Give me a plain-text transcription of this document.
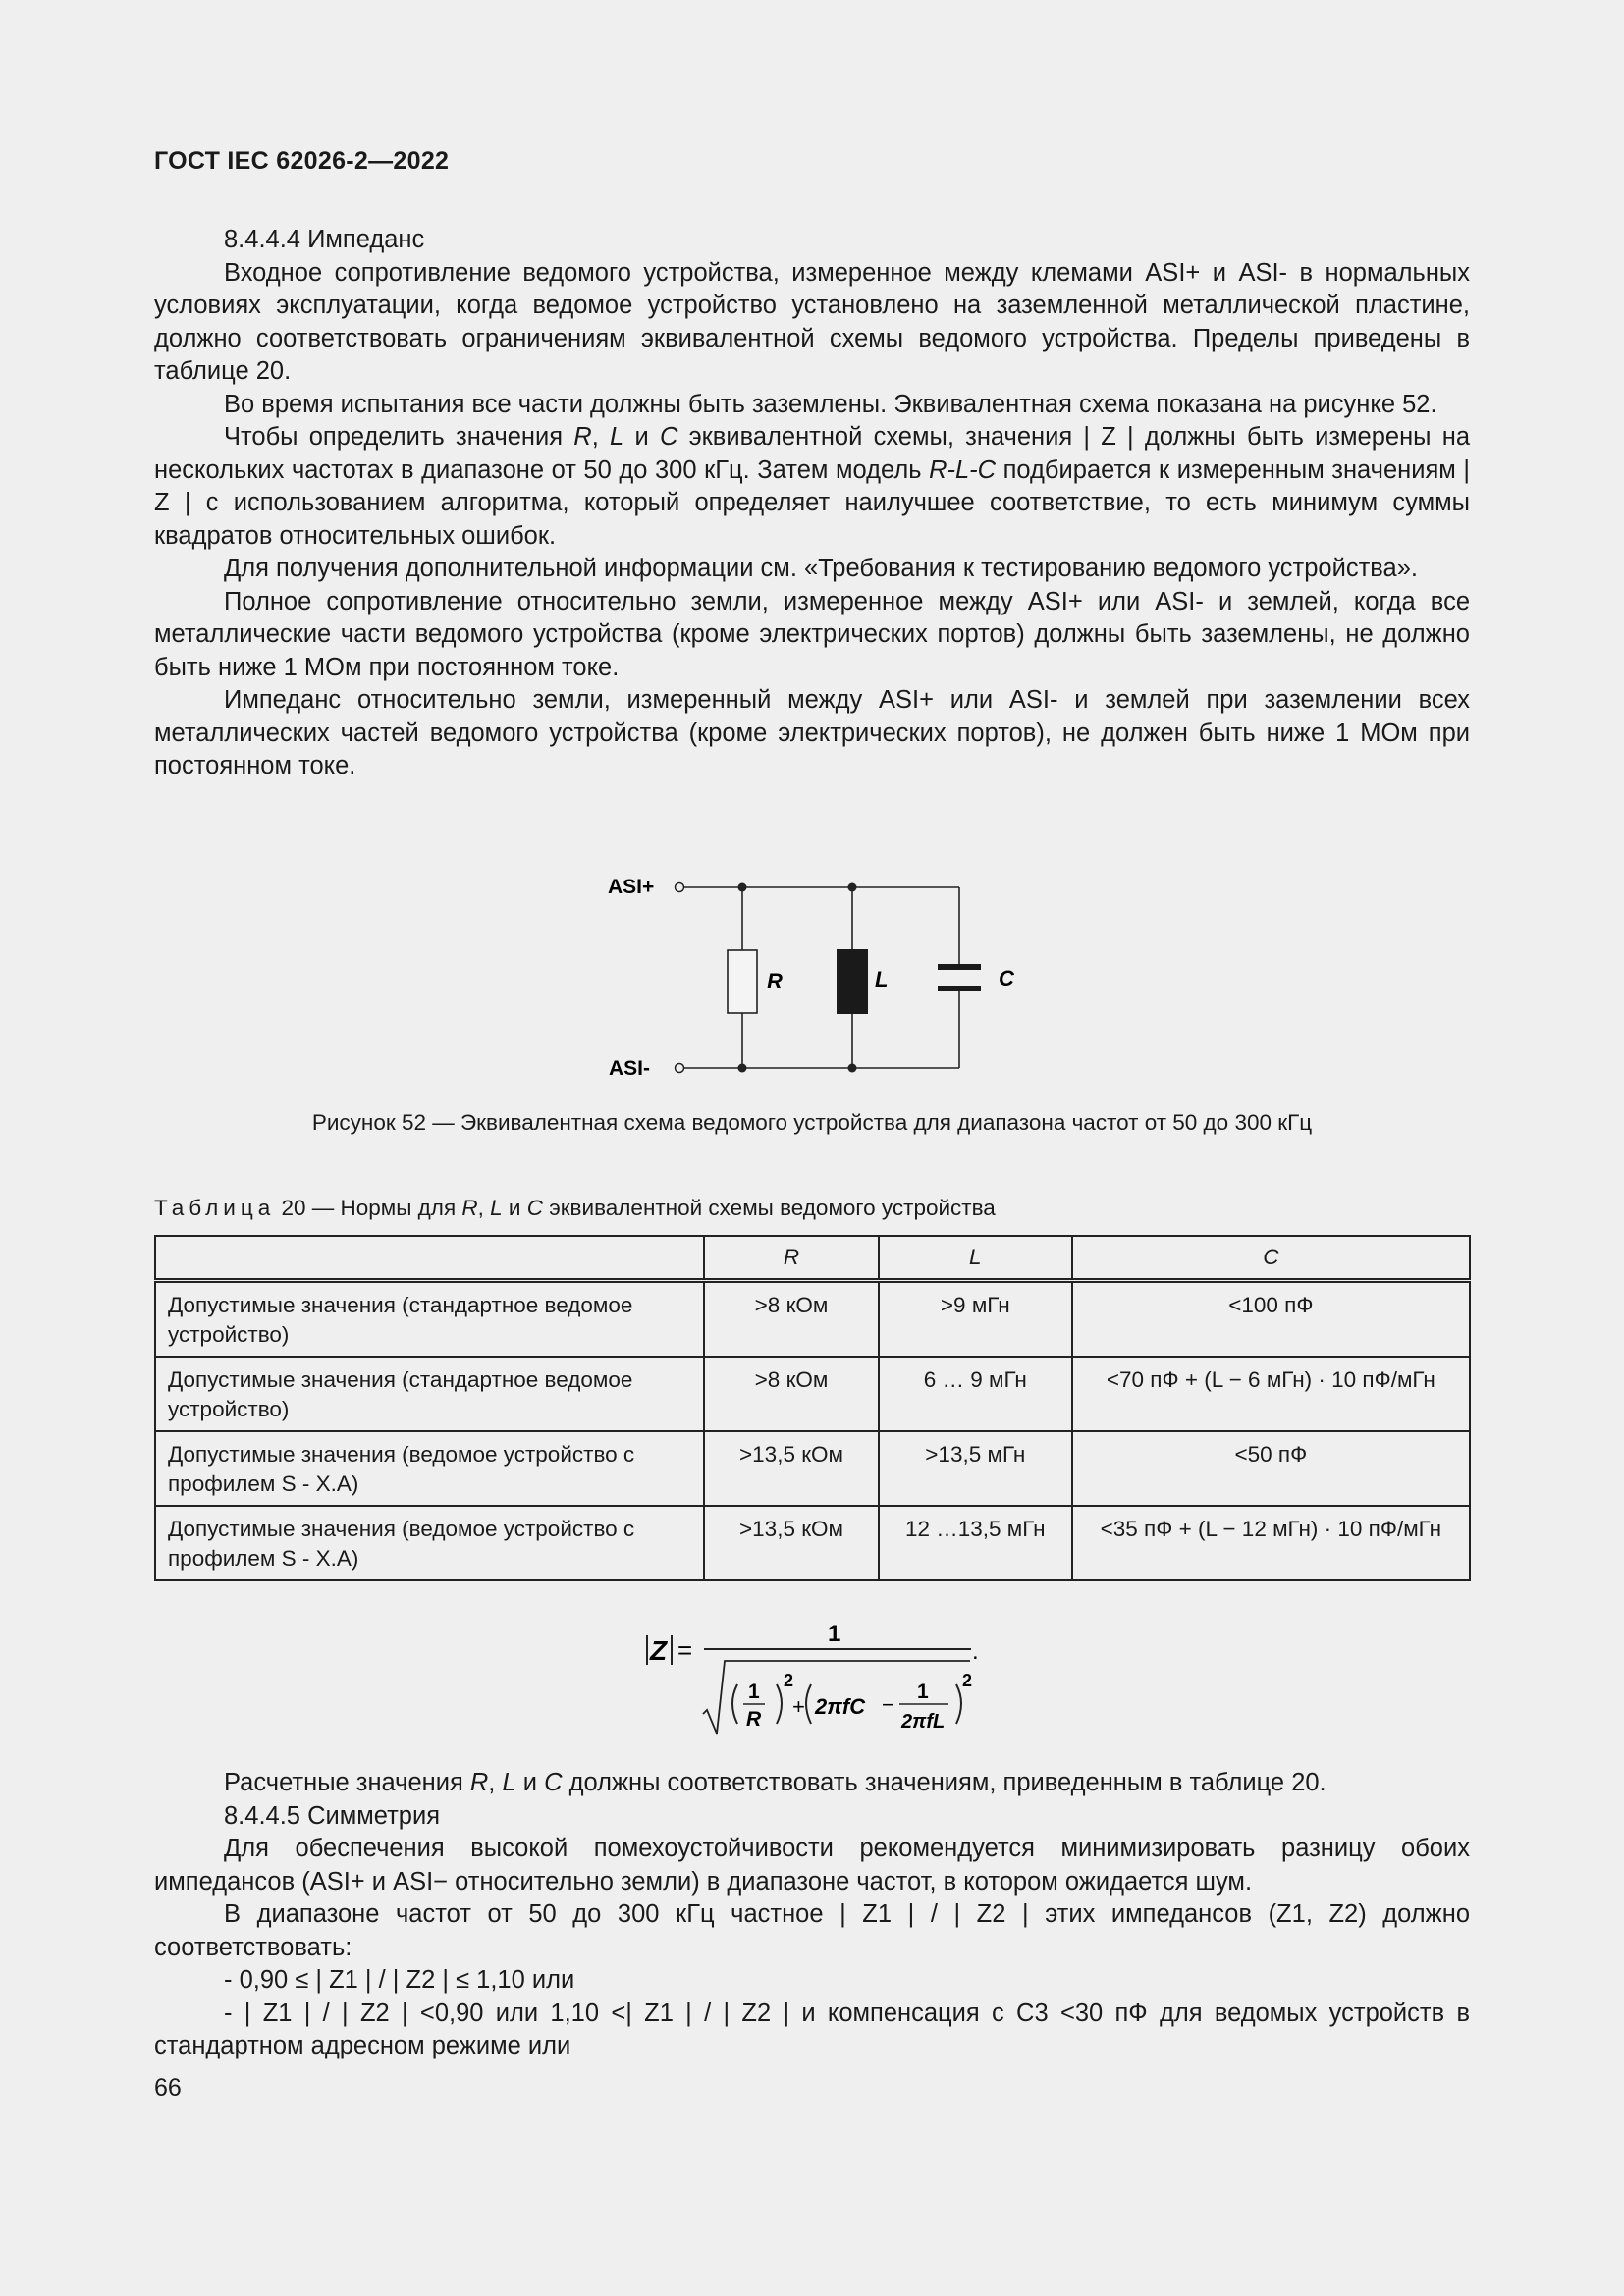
ГОСТ IEC 62026-2—2022

8.4.4.4 Импеданс

Входное сопротивление ведомого устройства, измеренное между клемами ASI+ и ASI- в нормальных условиях эксплуатации, когда ведомое устройство установлено на заземленной металлической пластине, должно соответствовать ограничениям эквивалентной схемы ведомого устройства. Пределы приведены в таблице 20.

Во время испытания все части должны быть заземлены. Эквивалентная схема показана на рисунке 52.

Чтобы определить значения R, L и C эквивалентной схемы, значения | Z | должны быть измерены на нескольких частотах в диапазоне от 50 до 300 кГц. Затем модель R-L-C подбирается к измеренным значениям | Z | с использованием алгоритма, который определяет наилучшее соответствие, то есть минимум суммы квадратов относительных ошибок.

Для получения дополнительной информации см. «Требования к тестированию ведомого устройства».

Полное сопротивление относительно земли, измеренное между ASI+ или ASI- и землей, когда все металлические части ведомого устройства (кроме электрических портов) должны быть заземлены, не должно быть ниже 1 МОм при постоянном токе.

Импеданс относительно земли, измеренный между ASI+ или ASI- и землей при заземлении всех металлических частей ведомого устройства (кроме электрических портов), не должен быть ниже 1 МОм при постоянном токе.

ASI+
ASI-
R	L	C
Рисунок 52 — Эквивалентная схема ведомого устройства для диапазона частот от 50 до 300 кГц
Таблица 20 — Нормы для R, L и C эквивалентной схемы ведомого устройства
	R	L	C
Допустимые значения (стандартное ведомое устройство)	>8 кОм	>9 мГн	<100 пФ
Допустимые значения (стандартное ведомое устройство)	>8 кОм	6 … 9 мГн	<70 пФ + (L − 6 мГн) · 10 пФ/мГн
Допустимые значения (ведомое устройство с профилем S - X.A)	>13,5 кОм	>13,5 мГн	<50 пФ
Допустимые значения (ведомое устройство с профилем S - X.A)	>13,5 кОм	12 …13,5 мГн	<35 пФ + (L − 12 мГн) · 10 пФ/мГн
Z =
1
1
R
2
+ 2πfC −
1
2πfL
2
.

Расчетные значения R, L и C должны соответствовать значениям, приведенным в таблице 20.

8.4.4.5 Симметрия

Для обеспечения высокой помехоустойчивости рекомендуется минимизировать разницу обоих импедансов (ASI+ и ASI− относительно земли) в диапазоне частот, в котором ожидается шум.

В диапазоне частот от 50 до 300 кГц частное | Z1 | / | Z2 | этих импедансов (Z1, Z2) должно соответствовать:

- 0,90 ≤ | Z1 | / | Z2 | ≤ 1,10 или

- | Z1 | / | Z2 | <0,90 или 1,10 <| Z1 | / | Z2 | и компенсация с C3 <30 пФ для ведомых устройств в стандартном адресном режиме или

66
